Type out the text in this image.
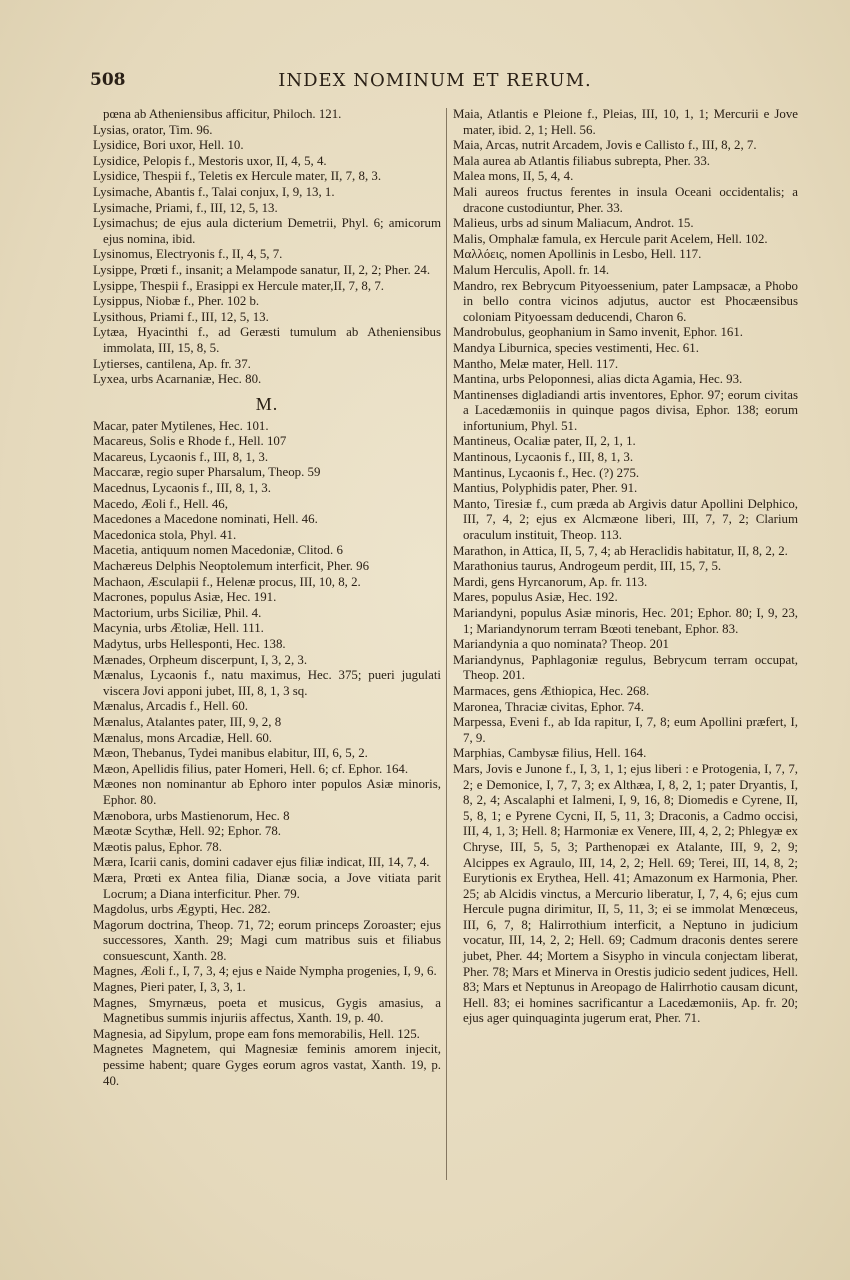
508	INDEX NOMINUM ET RERUM.

pœna ab Atheniensibus afficitur, Philoch. 121.

Lysias, orator, Tim. 96.

Lysidice, Bori uxor, Hell. 10.

Lysidice, Pelopis f., Mestoris uxor, II, 4, 5, 4.

Lysidice, Thespii f., Teletis ex Hercule mater, II, 7, 8, 3.

Lysimache, Abantis f., Talai conjux, I, 9, 13, 1.

Lysimache, Priami, f., III, 12, 5, 13.

Lysimachus; de ejus aula dicterium Demetrii, Phyl. 6; amicorum ejus nomina, ibid.

Lysinomus, Electryonis f., II, 4, 5, 7.

Lysippe, Prœti f., insanit; a Melampode sanatur, II, 2, 2; Pher. 24.

Lysippe, Thespii f., Erasippi ex Hercule mater,II, 7, 8, 7.

Lysippus, Niobæ f., Pher. 102 b.

Lysithous, Priami f., III, 12, 5, 13.

Lytæa, Hyacinthi f., ad Geræsti tumulum ab Atheniensibus immolata, III, 15, 8, 5.

Lytierses, cantilena, Ap. fr. 37.

Lyxea, urbs Acarnaniæ, Hec. 80.

M.

Macar, pater Mytilenes, Hec. 101.

Macareus, Solis e Rhode f., Hell. 107

Macareus, Lycaonis f., III, 8, 1, 3.

Maccaræ, regio super Pharsalum, Theop. 59

Macednus, Lycaonis f., III, 8, 1, 3.

Macedo, Æoli f., Hell. 46,

Macedones a Macedone nominati, Hell. 46.

Macedonica stola, Phyl. 41.

Macetia, antiquum nomen Macedoniæ, Clitod. 6

Machæreus Delphis Neoptolemum interficit, Pher. 96

Machaon, Æsculapii f., Helenæ procus, III, 10, 8, 2.

Macrones, populus Asiæ, Hec. 191.

Mactorium, urbs Siciliæ, Phil. 4.

Macynia, urbs Ætoliæ, Hell. 111.

Madytus, urbs Hellesponti, Hec. 138.

Mænades, Orpheum discerpunt, I, 3, 2, 3.

Mænalus, Lycaonis f., natu maximus, Hec. 375; pueri jugulati viscera Jovi apponi jubet, III, 8, 1, 3 sq.

Mænalus, Arcadis f., Hell. 60.

Mænalus, Atalantes pater, III, 9, 2, 8

Mænalus, mons Arcadiæ, Hell. 60.

Mæon, Thebanus, Tydei manibus elabitur, III, 6, 5, 2.

Mæon, Apellidis filius, pater Homeri, Hell. 6; cf. Ephor. 164.

Mæones non nominantur ab Ephoro inter populos Asiæ minoris, Ephor. 80.

Mænobora, urbs Mastienorum, Hec. 8

Mæotæ Scythæ, Hell. 92; Ephor. 78.

Mæotis palus, Ephor. 78.

Mæra, Icarii canis, domini cadaver ejus filiæ indicat, III, 14, 7, 4.

Mæra, Prœti ex Antea filia, Dianæ socia, a Jove vitiata parit Locrum; a Diana interficitur. Pher. 79.

Magdolus, urbs Ægypti, Hec. 282.

Magorum doctrina, Theop. 71, 72; eorum princeps Zoroaster; ejus successores, Xanth. 29; Magi cum matribus suis et filiabus consuescunt, Xanth. 28.

Magnes, Æoli f., I, 7, 3, 4; ejus e Naide Nympha progenies, I, 9, 6.

Magnes, Pieri pater, I, 3, 3, 1.

Magnes, Smyrnæus, poeta et musicus, Gygis amasius, a Magnetibus summis injuriis affectus, Xanth. 19, p. 40.

Magnesia, ad Sipylum, prope eam fons memorabilis, Hell. 125.

Magnetes Magnetem, qui Magnesiæ feminis amorem injecit, pessime habent; quare Gyges eorum agros vastat, Xanth. 19, p. 40.

Maia, Atlantis e Pleione f., Pleias, III, 10, 1, 1; Mercurii e Jove mater, ibid. 2, 1; Hell. 56.

Maia, Arcas, nutrit Arcadem, Jovis e Callisto f., III, 8, 2, 7.

Mala aurea ab Atlantis filiabus subrepta, Pher. 33.

Malea mons, II, 5, 4, 4.

Mali aureos fructus ferentes in insula Oceani occidentalis; a dracone custodiuntur, Pher. 33.

Malieus, urbs ad sinum Maliacum, Androt. 15.

Malis, Omphalæ famula, ex Hercule parit Acelem, Hell. 102.

Μαλλόεις, nomen Apollinis in Lesbo, Hell. 117.

Malum Herculis, Apoll. fr. 14.

Mandro, rex Bebrycum Pityoessenium, pater Lampsacæ, a Phobo in bello contra vicinos adjutus, auctor est Phocæensibus coloniam Pityoessam deducendi, Charon 6.

Mandrobulus, geophanium in Samo invenit, Ephor. 161.

Mandya Liburnica, species vestimenti, Hec. 61.

Mantho, Melæ mater, Hell. 117.

Mantina, urbs Peloponnesi, alias dicta Agamia, Hec. 93.

Mantinenses digladiandi artis inventores, Ephor. 97; eorum civitas a Lacedæmoniis in quinque pagos divisa, Ephor. 138; eorum infortunium, Phyl. 51.

Mantineus, Ocaliæ pater, II, 2, 1, 1.

Mantinous, Lycaonis f., III, 8, 1, 3.

Mantinus, Lycaonis f., Hec. (?) 275.

Mantius, Polyphidis pater, Pher. 91.

Manto, Tiresiæ f., cum præda ab Argivis datur Apollini Delphico, III, 7, 4, 2; ejus ex Alcmæone liberi, III, 7, 7, 2; Clarium oraculum instituit, Theop. 113.

Marathon, in Attica, II, 5, 7, 4; ab Heraclidis habitatur, II, 8, 2, 2.

Marathonius taurus, Androgeum perdit, III, 15, 7, 5.

Mardi, gens Hyrcanorum, Ap. fr. 113.

Mares, populus Asiæ, Hec. 192.

Mariandyni, populus Asiæ minoris, Hec. 201; Ephor. 80; I, 9, 23, 1; Mariandynorum terram Bœoti tenebant, Ephor. 83.

Mariandynia a quo nominata? Theop. 201

Mariandynus, Paphlagoniæ regulus, Bebrycum terram occupat, Theop. 201.

Marmaces, gens Æthiopica, Hec. 268.

Maronea, Thraciæ civitas, Ephor. 74.

Marpessa, Eveni f., ab Ida rapitur, I, 7, 8; eum Apollini præfert, I, 7, 9.

Marphias, Cambysæ filius, Hell. 164.

Mars, Jovis e Junone f., I, 3, 1, 1; ejus liberi : e Protogenia, I, 7, 7, 2; e Demonice, I, 7, 7, 3; ex Althæa, I, 8, 2, 1; pater Dryantis, I, 8, 2, 4; Ascalaphi et Ialmeni, I, 9, 16, 8; Diomedis e Cyrene, II, 5, 8, 1; e Pyrene Cycni, II, 5, 11, 3; Draconis, a Cadmo occisi, III, 4, 1, 3; Hell. 8; Harmoniæ ex Venere, III, 4, 2, 2; Phlegyæ ex Chryse, III, 5, 5, 3; Parthenopæi ex Atalante, III, 9, 2, 9; Alcippes ex Agraulo, III, 14, 2, 2; Hell. 69; Terei, III, 14, 8, 2; Eurytionis ex Erythea, Hell. 41; Amazonum ex Harmonia, Pher. 25; ab Alcidis vinctus, a Mercurio liberatur, I, 7, 4, 6; ejus cum Hercule pugna dirimitur, II, 5, 11, 3; ei se immolat Menœceus, III, 6, 7, 8; Halirrothium interficit, a Neptuno in judicium vocatur, III, 14, 2, 2; Hell. 69; Cadmum draconis dentes serere jubet, Pher. 44; Mortem a Sisypho in vincula conjectam liberat, Pher. 78; Mars et Minerva in Orestis judicio sedent judices, Hell. 83; Mars et Neptunus in Areopago de Halirrhotio causam dicunt, Hell. 83; ei homines sacrificantur a Lacedæmoniis, Ap. fr. 20; ejus ager quinquaginta jugerum erat, Pher. 71.
